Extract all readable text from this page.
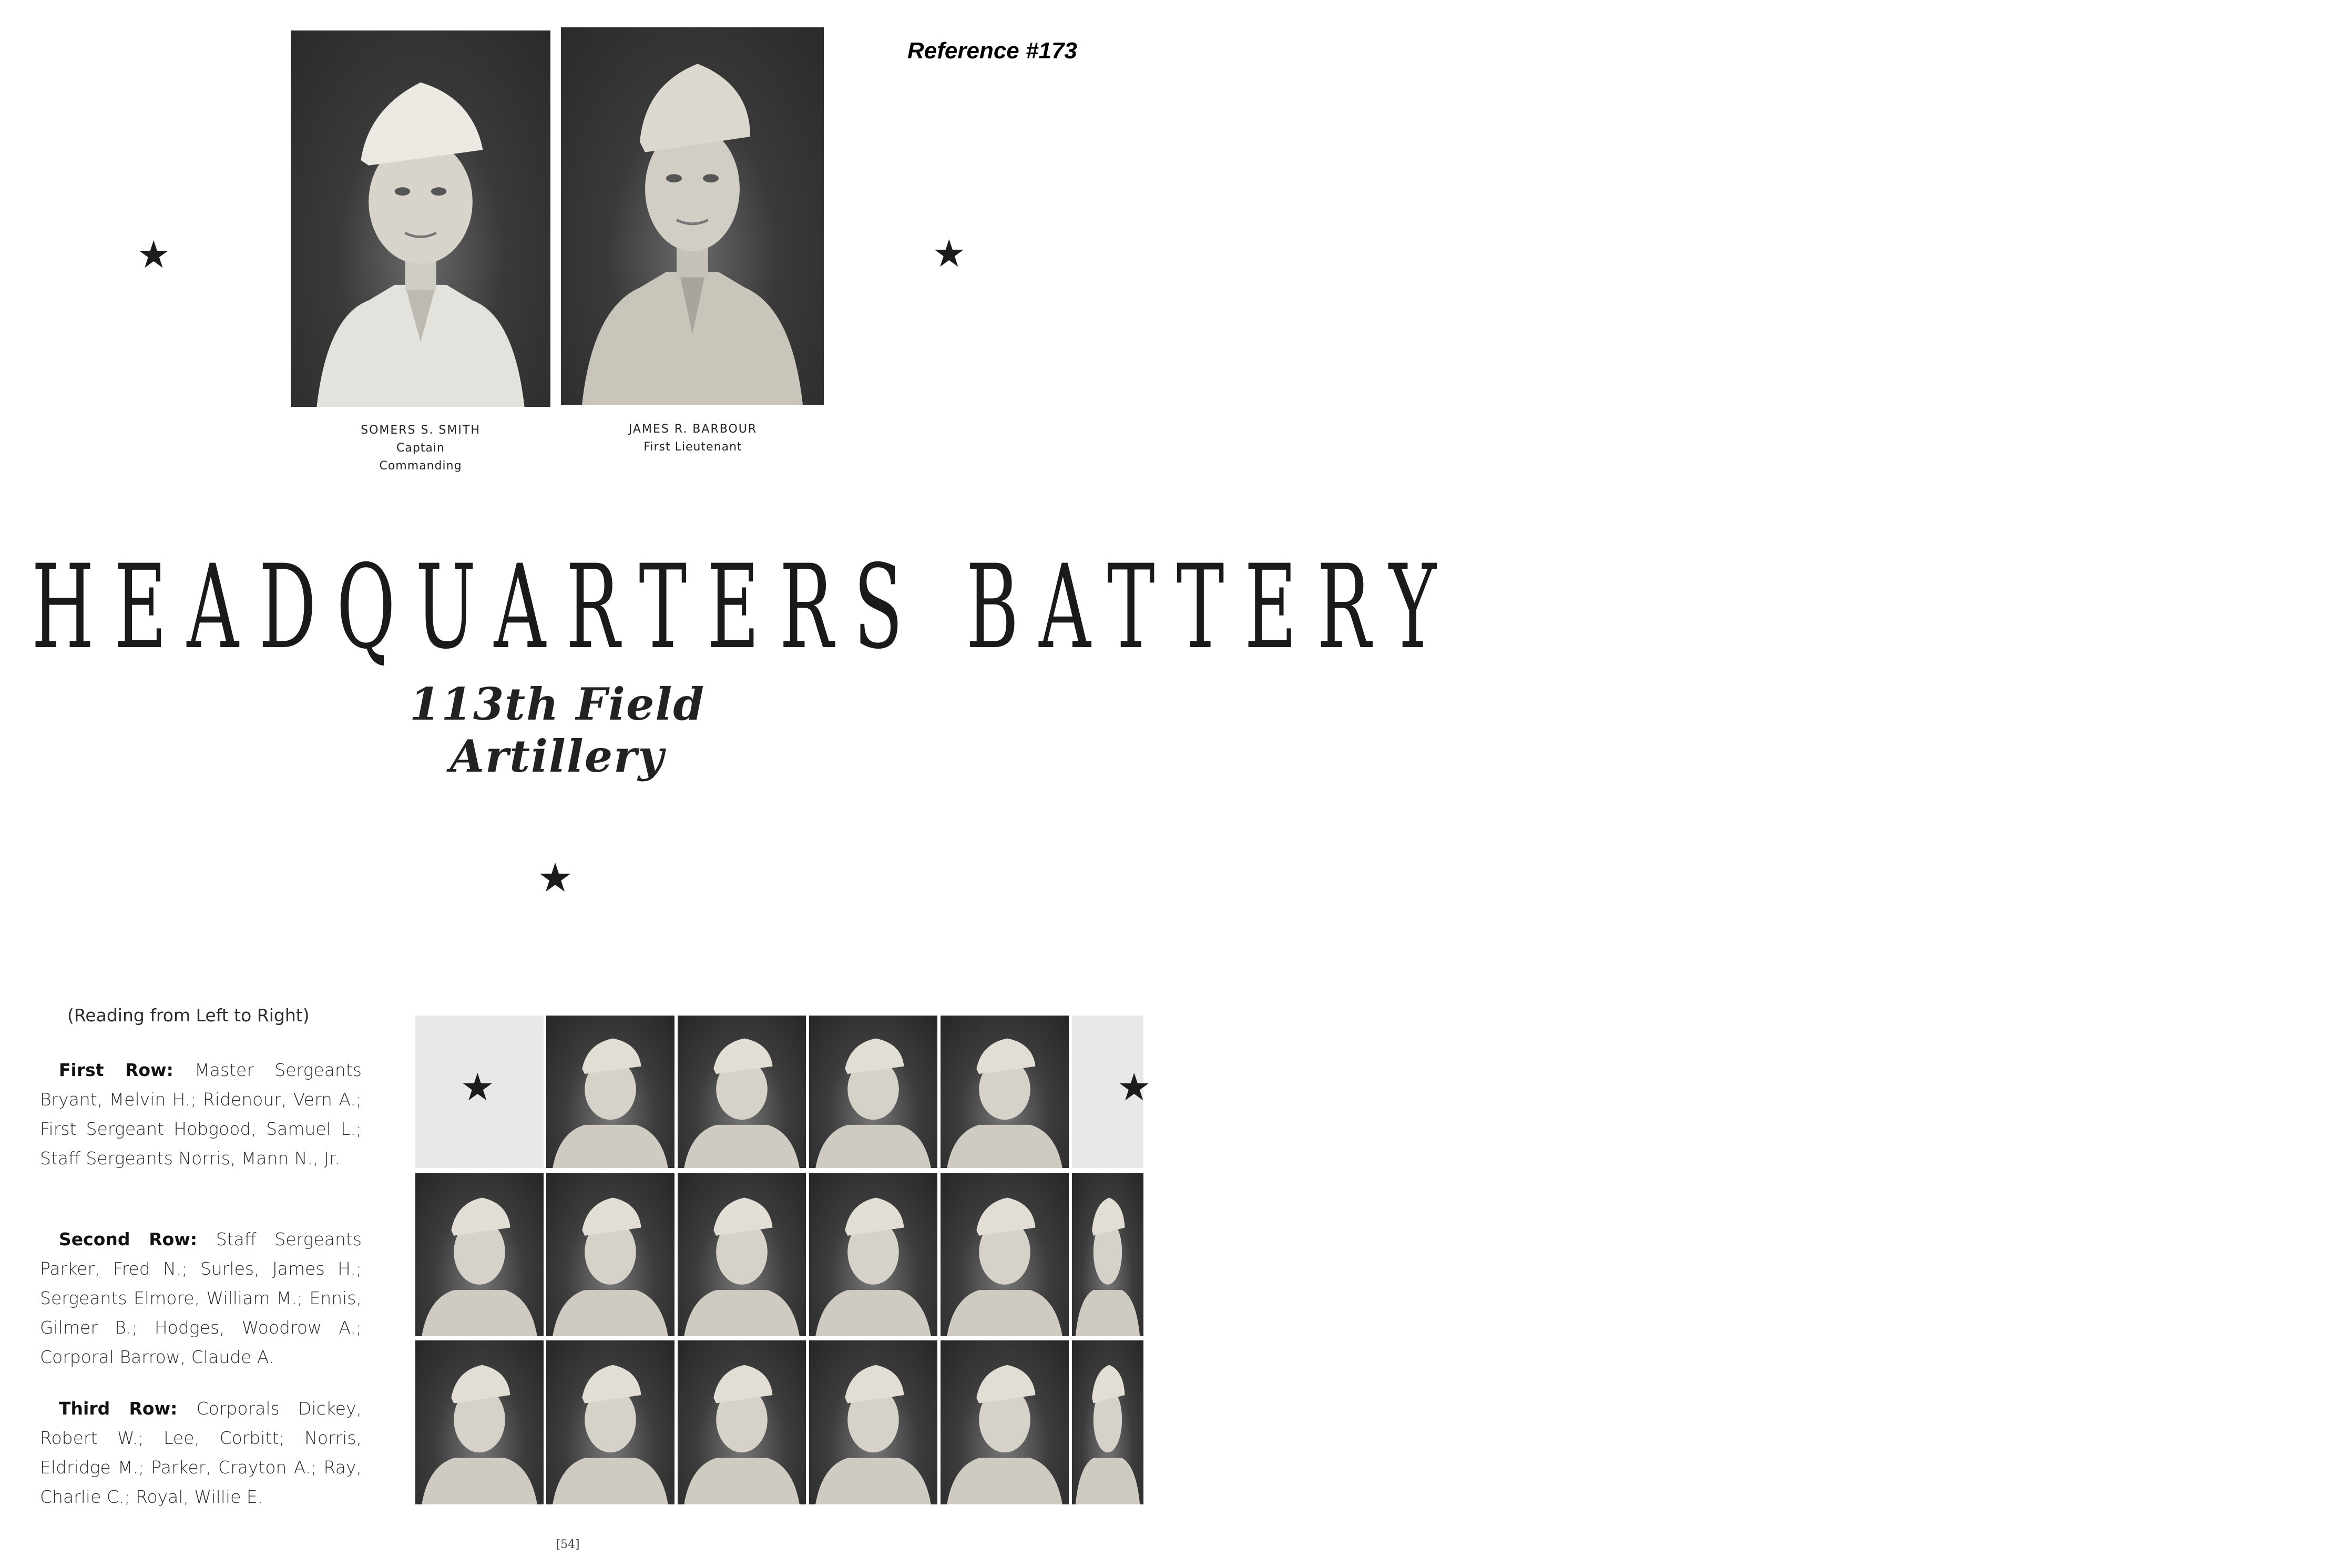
Reference #173
★	★
SOMERS S. SMITH
Captain
Commanding
JAMES R. BARBOUR
First Lieutenant
HEADQUARTERS BATTERY
113th Field Artillery
★
(Reading from Left to Right)
First Row: Master Sergeants Bryant, Melvin H.; Ridenour, Vern A.; First Sergeant Hobgood, Samuel L.; Staff Sergeants Norris, Mann N., Jr.
Second Row: Staff Sergeants Parker, Fred N.; Surles, James H.; Sergeants Elmore, William M.; Ennis, Gilmer B.; Hodges, Woodrow A.; Corporal Barrow, Claude A.
Third Row: Corporals Dickey, Robert W.; Lee, Corbitt; Norris, Eldridge M.; Parker, Crayton A.; Ray, Charlie C.; Royal, Willie E.
★	★
[54]
